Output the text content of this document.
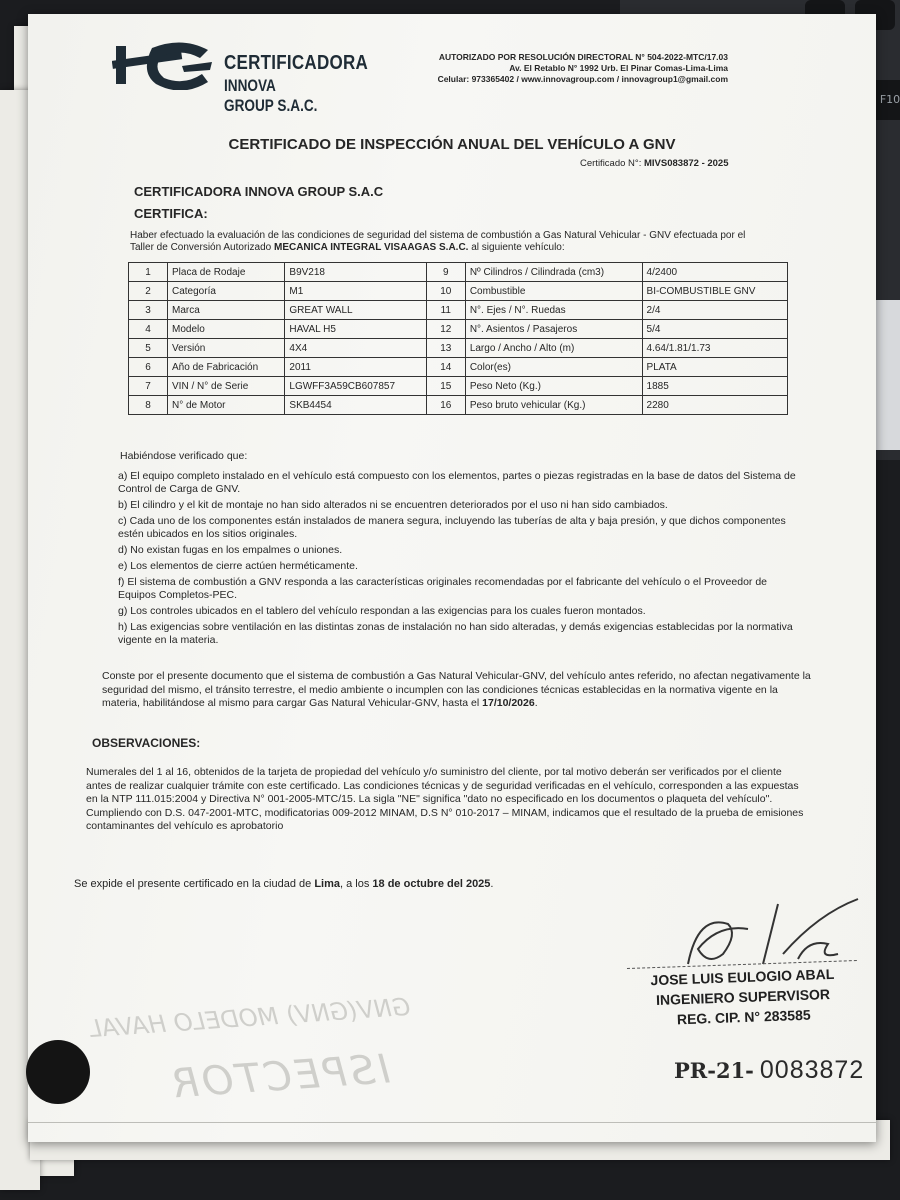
F10
CERTIFICADORA
INNOVA GROUP S.A.C.
AUTORIZADO POR RESOLUCIÓN DIRECTORAL N° 504-2022-MTC/17.03
Av. El Retablo N° 1992 Urb. El Pinar Comas-Lima-Lima
Celular: 973365402 / www.innovagroup.com / innovagroup1@gmail.com
CERTIFICADO DE INSPECCIÓN ANUAL DEL VEHÍCULO A GNV
Certificado N°: MIVS083872 - 2025
CERTIFICADORA INNOVA GROUP S.A.C
CERTIFICA:
Haber efectuado la evaluación de las condiciones de seguridad del sistema de combustión a Gas Natural Vehicular - GNV efectuada por el Taller de Conversión Autorizado MECANICA INTEGRAL VISAAGAS S.A.C. al siguiente vehículo:
1	Placa de Rodaje	B9V218	9	Nº Cilindros / Cilindrada (cm3)	4/2400
2	Categoría	M1	10	Combustible	BI-COMBUSTIBLE GNV
3	Marca	GREAT WALL	11	N°. Ejes / N°. Ruedas	2/4
4	Modelo	HAVAL H5	12	N°. Asientos / Pasajeros	5/4
5	Versión	4X4	13	Largo / Ancho / Alto (m)	4.64/1.81/1.73
6	Año de Fabricación	2011	14	Color(es)	PLATA
7	VIN / N° de Serie	LGWFF3A59CB607857	15	Peso Neto (Kg.)	1885
8	N° de Motor	SKB4454	16	Peso bruto vehicular (Kg.)	2280
Habiéndose verificado que:
a) El equipo completo instalado en el vehículo está compuesto con los elementos, partes o piezas registradas en la base de datos del Sistema de Control de Carga de GNV.
b) El cilindro y el kit de montaje no han sido alterados ni se encuentren deteriorados por el uso ni han sido cambiados.
c) Cada uno de los componentes están instalados de manera segura, incluyendo las tuberías de alta y baja presión, y que dichos componentes estén ubicados en los sitios originales.
d) No existan fugas en los empalmes o uniones.
e) Los elementos de cierre actúen herméticamente.
f) El sistema de combustión a GNV responda a las características originales recomendadas por el fabricante del vehículo o el Proveedor de Equipos Completos-PEC.
g) Los controles ubicados en el tablero del vehículo respondan a las exigencias para los cuales fueron montados.
h) Las exigencias sobre ventilación en las distintas zonas de instalación no han sido alteradas, y demás exigencias establecidas por la normativa vigente en la materia.
Conste por el presente documento que el sistema de combustión a Gas Natural Vehicular-GNV, del vehículo antes referido, no afectan negativamente la seguridad del mismo, el tránsito terrestre, el medio ambiente o incumplen con las condiciones técnicas establecidas en la normativa vigente en la materia, habilitándose al mismo para cargar Gas Natural Vehicular-GNV, hasta el 17/10/2026.
OBSERVACIONES:
Numerales del 1 al 16, obtenidos de la tarjeta de propiedad del vehículo y/o suministro del cliente, por tal motivo deberán ser verificados por el cliente antes de realizar cualquier trámite con este certificado. Las condiciones técnicas y de seguridad verificadas en el vehículo, corresponden a las expuestas en la NTP 111.015:2004 y Directiva N° 001-2005-MTC/15. La sigla "NE" significa "dato no especificado en los documentos o plaqueta del vehículo".
Cumpliendo con D.S. 047-2001-MTC, modificatorias 009-2012 MINAM, D.S N° 010-2017 – MINAM, indicamos que el resultado de la prueba de emisiones contaminantes del vehículo es aprobatorio
Se expide el presente certificado en la ciudad de Lima, a los 18 de octubre del 2025.
JOSE LUIS EULOGIO ABAL
INGENIERO SUPERVISOR
REG. CIP. N° 283585
GNV(GNV) MODELO HAVAL
ISPECTOR	PR-21- 0083872
